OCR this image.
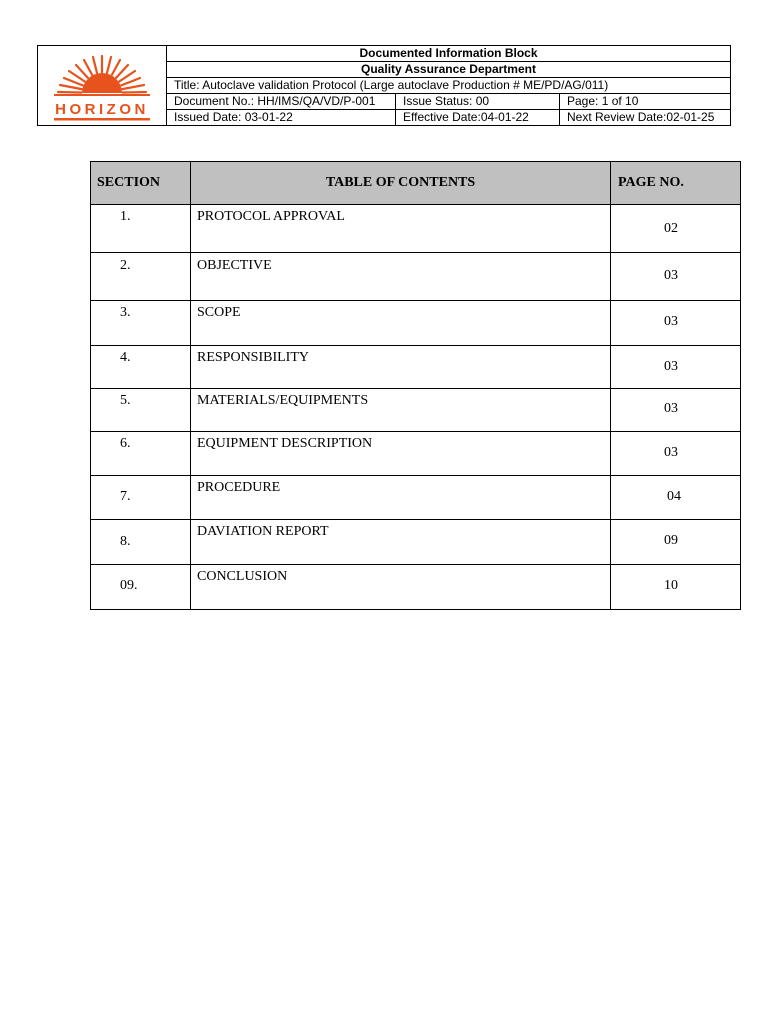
HORIZON
Documented Information Block
Quality Assurance Department
Title: Autoclave validation Protocol (Large autoclave Production # ME/PD/AG/011)
Document No.: HH/IMS/QA/VD/P-001	Issue Status: 00	Page: 1 of 10
Issued Date: 03-01-22	Effective Date:04-01-22	Next Review Date:02-01-25
SECTION	TABLE OF CONTENTS	PAGE NO.

1.	PROTOCOL APPROVAL	02

2.	OBJECTIVE	03

3.	SCOPE	03

4.	RESPONSIBILITY	03

5.	MATERIALS/EQUIPMENTS	03

6.	EQUIPMENT DESCRIPTION	03

7.	PROCEDURE	04

8.	DAVIATION REPORT	09

09.	CONCLUSION	10
